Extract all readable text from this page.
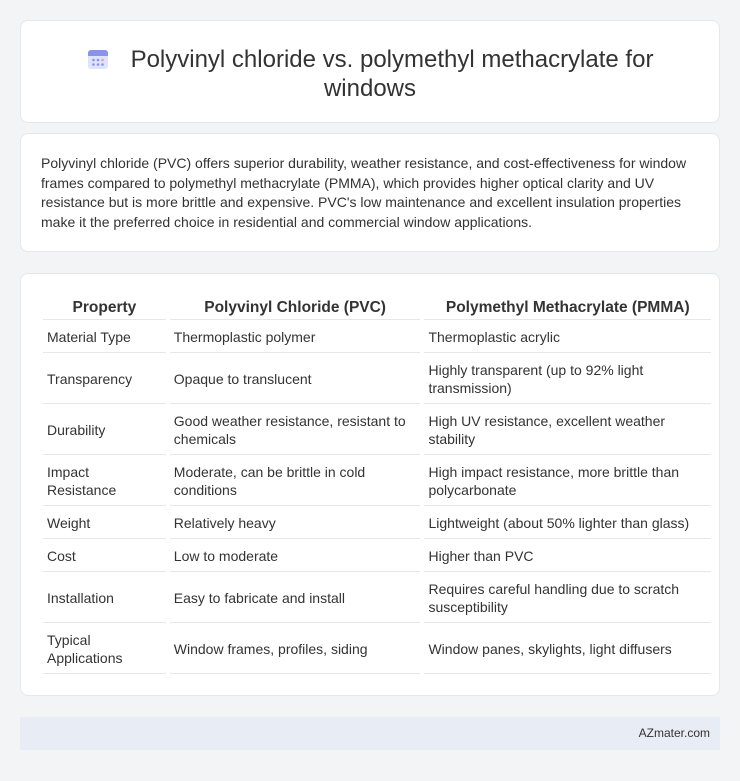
Polyvinyl chloride vs. polymethyl methacrylate for windows

Polyvinyl chloride (PVC) offers superior durability, weather resistance, and cost-effectiveness for window frames compared to polymethyl methacrylate (PMMA), which provides higher optical clarity and UV resistance but is more brittle and expensive. PVC's low maintenance and excellent insulation properties make it the preferred choice in residential and commercial window applications.

Property	Polyvinyl Chloride (PVC)	Polymethyl Methacrylate (PMMA)
Material Type	Thermoplastic polymer	Thermoplastic acrylic
Transparency	Opaque to translucent	Highly transparent (up to 92% light transmission)
Durability	Good weather resistance, resistant to chemicals	High UV resistance, excellent weather stability
Impact Resistance	Moderate, can be brittle in cold conditions	High impact resistance, more brittle than polycarbonate
Weight	Relatively heavy	Lightweight (about 50% lighter than glass)
Cost	Low to moderate	Higher than PVC
Installation	Easy to fabricate and install	Requires careful handling due to scratch susceptibility
Typical Applications	Window frames, profiles, siding	Window panes, skylights, light diffusers
AZmater.com
